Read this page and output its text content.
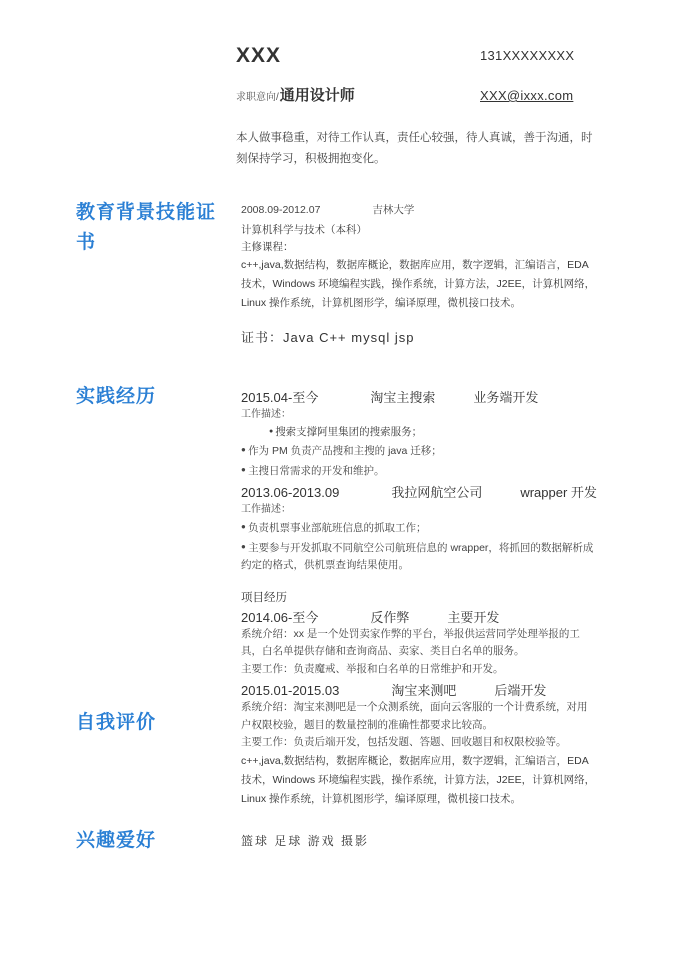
XXX
求职意向/通用设计师
131XXXXXXXX
XXX@ixxx.com
本人做事稳重，对待工作认真，责任心较强，待人真诚，善于沟通，时刻保持学习，积极拥抱变化。
教育背景技能证书
实践经历
自我评价
兴趣爱好
2008.09-2012.07	吉林大学
计算机科学与技术（本科）
主修课程：
c++,java,数据结构，数据库概论，数据库应用，数字逻辑，汇编语言，EDA 技术，Windows 环境编程实践，操作系统，计算方法，J2EE，计算机网络，Linux 操作系统，计算机图形学，编译原理，微机接口技术。
证书：Java C++ mysql jsp
2015.04-至今	淘宝主搜索	业务端开发
工作描述：
● 搜索支撑阿里集团的搜索服务；
● 作为 PM 负责产品搜和主搜的 java 迁移；
● 主搜日常需求的开发和维护。
2013.06-2013.09	我拉网航空公司	wrapper 开发
工作描述：
● 负责机票事业部航班信息的抓取工作；
● 主要参与开发抓取不同航空公司航班信息的 wrapper，将抓回的数据解析成约定的格式，供机票查询结果使用。
项目经历
2014.06-至今	反作弊	主要开发
系统介绍：xx 是一个处罚卖家作弊的平台，举报供运营同学处理举报的工具，白名单提供存储和查询商品、卖家、类目白名单的服务。
主要工作：负责魔戒、举报和白名单的日常维护和开发。
2015.01-2015.03	淘宝来测吧	后端开发
系统介绍：淘宝来测吧是一个众测系统，面向云客服的一个计费系统，对用户权限校验，题目的数量控制的准确性都要求比较高。
主要工作：负责后端开发，包括发题、答题、回收题目和权限校验等。
c++,java,数据结构，数据库概论，数据库应用，数字逻辑，汇编语言，EDA 技术，Windows 环境编程实践，操作系统，计算方法，J2EE，计算机网络，Linux 操作系统，计算机图形学，编译原理，微机接口技术。
篮球 足球 游戏 摄影
